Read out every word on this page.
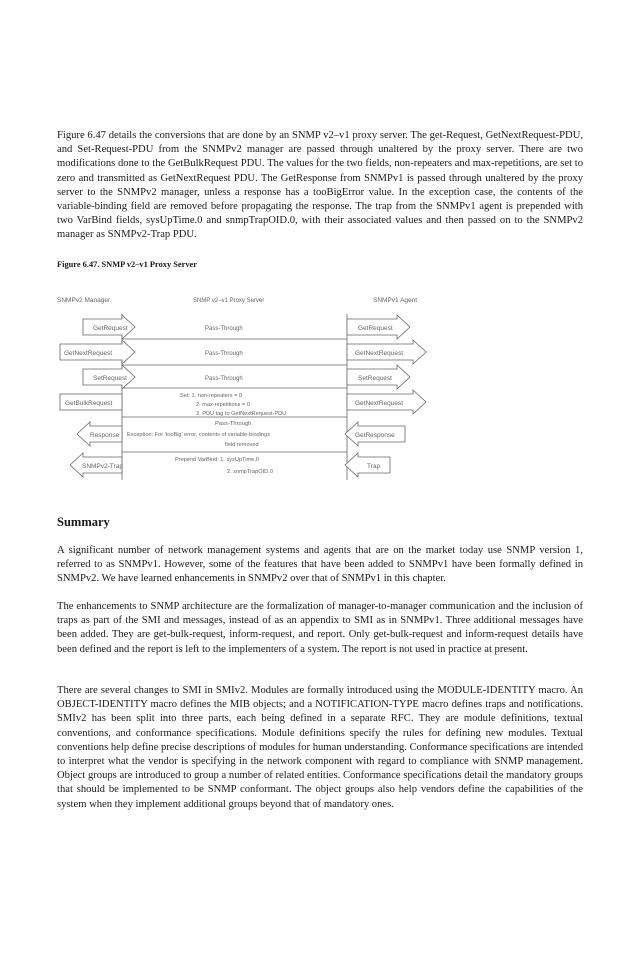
Figure 6.47 details the conversions that are done by an SNMP v2–v1 proxy server. The get-Request, GetNextRequest-PDU, and Set-Request-PDU from the SNMPv2 manager are passed through unaltered by the proxy server. There are two modifications done to the GetBulkRequest PDU. The values for the two fields, non-repeaters and max-repetitions, are set to zero and transmitted as GetNextRequest PDU. The GetResponse from SNMPv1 is passed through unaltered by the proxy server to the SNMPv2 manager, unless a response has a tooBigError value. In the exception case, the contents of the variable-binding field are removed before propagating the response. The trap from the SNMPv1 agent is prepended with two VarBind fields, sysUpTime.0 and snmpTrapOID.0, with their associated values and then passed on to the SNMPv2 manager as SNMPv2-Trap PDU.

Figure 6.47. SNMP v2–v1 Proxy Server

SNMPv2 Manager	SNMP v2–v1 Proxy Server	SNMPv1 Agent
GetRequest	Pass-Through	GetRequest
GetNextRequest	Pass-Through	GetNextRequest
SetRequest	Pass-Through	SetRequest
GetBulkRequest
Set: 1. non-repeaters = 0
2. max-repetitions = 0
3. PDU tag to GetNextRequest-PDU
GetNextRequest
Response
Pass-Through
Exception: For 'tooBig' error, contents of variable-bindings
field removed
GetResponse
SNMPv2-Trap
Prepend VarBind: 1. sysUpTime.0
2. snmpTrapOID.0
Trap
Summary

A significant number of network management systems and agents that are on the market today use SNMP version 1, referred to as SNMPv1. However, some of the features that have been added to SNMPv1 have been formally defined in SNMPv2. We have learned enhancements in SNMPv2 over that of SNMPv1 in this chapter.

The enhancements to SNMP architecture are the formalization of manager-to-manager communication and the inclusion of traps as part of the SMI and messages, instead of as an appendix to SMI as in SNMPv1. Three additional messages have been added. They are get-bulk-request, inform-request, and report. Only get-bulk-request and inform-request details have been defined and the report is left to the implementers of a system. The report is not used in practice at present.

There are several changes to SMI in SMIv2. Modules are formally introduced using the MODULE-IDENTITY macro. An OBJECT-IDENTITY macro defines the MIB objects; and a NOTIFICATION-TYPE macro defines traps and notifications. SMIv2 has been split into three parts, each being defined in a separate RFC. They are module definitions, textual conventions, and conformance specifications. Module definitions specify the rules for defining new modules. Textual conventions help define precise descriptions of modules for human understanding. Conformance specifications are intended to interpret what the vendor is specifying in the network component with regard to compliance with SNMP management. Object groups are introduced to group a number of related entities. Conformance specifications detail the mandatory groups that should be implemented to be SNMP conformant. The object groups also help vendors define the capabilities of the system when they implement additional groups beyond that of mandatory ones.
